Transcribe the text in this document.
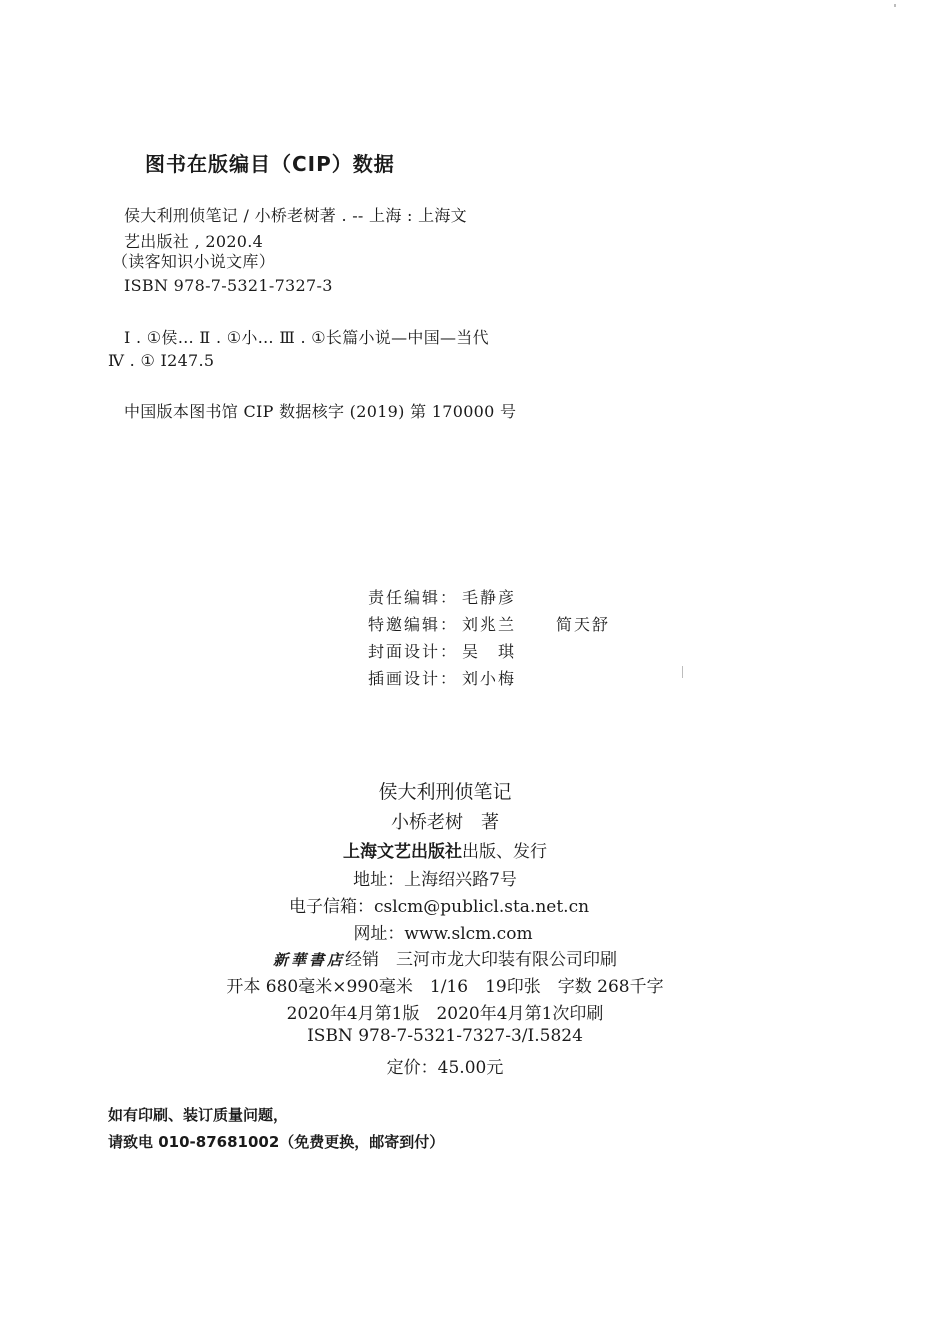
图书在版编目（CIP）数据
侯大利刑侦笔记 / 小桥老树著 . -- 上海 : 上海文
艺出版社 , 2020.4
（读客知识小说文库）
ISBN 978-7-5321-7327-3
Ⅰ . ①侯… Ⅱ . ①小… Ⅲ . ①长篇小说—中国—当代
Ⅳ . ① I247.5
中国版本图书馆 CIP 数据核字 (2019) 第 170000 号
责任编辑： 毛静彦
特邀编辑： 刘兆兰	简天舒
封面设计： 吴　琪
插画设计： 刘小梅
侯大利刑侦笔记
小桥老树　著
上海文艺出版社出版、发行
地址：上海绍兴路7号
电子信箱：cslcm@publicl.sta.net.cn
网址：www.slcm.com
新華書店经销　三河市龙大印装有限公司印刷
开本 680毫米×990毫米　1/16　19印张　字数 268千字
2020年4月第1版　2020年4月第1次印刷
ISBN 978-7-5321-7327-3/I.5824
定价：45.00元
如有印刷、装订质量问题，
请致电 010-87681002（免费更换，邮寄到付）
